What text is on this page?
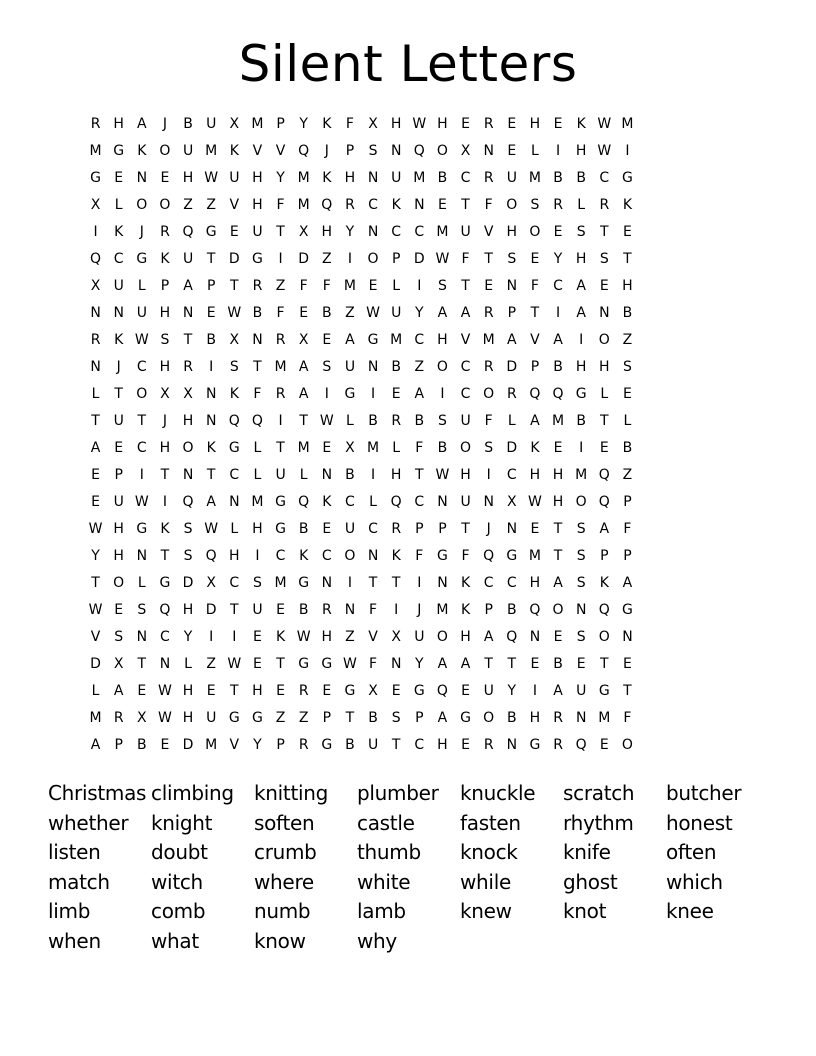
Silent Letters
R H A	J	B U X M P	Y	K	F	X H W H E R E H E	K W M
M G K O U M K V V Q	J	P	S N Q O X N E	L	I	H W	I
G E N E H W U H Y M K H N U M B C R U M B B C G
X	L O O Z Z V H F M Q R C K N E	T	F O S R	L	R K
I	K	J	R Q G E U T	X H Y N C C M U V H O E	S	T	E
Q C G K U T D G	I	D Z	I	O P D W F	T	S	E	Y H S	T
X U	L	P	A	P	T R Z	F	F M E	L	I	S	T	E N F	C A E H
N N U H N E W B	F	E B Z W U Y	A A R	P	T	I	A N B
R K W S	T	B X N R X E A G M C H V M A V A	I	O Z
N	J	C H R	I	S	T M A S U N B Z O C R D P	B H H S
L	T O X X N K	F	R A	I	G	I	E A	I	C O R Q Q G L	E
T U T	J	H N Q Q	I	T W L	B R B S U F	L	A M B	T	L
A E C H O K G L	T M E X M L	F	B O S D K	E	I	E B
E	P	I	T N T C	L	U	L N B	I	H T W H	I	C H H M Q Z
E U W	I	Q A N M G Q K C	L Q C N U N X W H O Q P
W H G K	S W L H G B E U C R	P	P	T	J	N E	T	S A	F
Y H N T	S Q H	I	C K C O N K	F G F Q G M T	S	P	P
T O L G D X C S M G N	I	T	T	I	N K C C H A S	K A
W E	S Q H D T U E B R N F	I	J	M K	P	B Q O N Q G
V S N C Y	I	I	E	K W H Z V X U O H A Q N E	S O N
D X	T N L	Z W E	T G G W F N Y	A A	T	T	E B E	T	E
L	A E W H E	T H E R E G X E G Q E U Y	I	A U G T
M R X W H U G G Z Z	P	T	B S	P	A G O B H R N M F
A	P	B E D M V	Y	P	R G B U T C H E R N G R Q E O
Christmas climbing	knitting	plumber	knuckle	scratch	butcher
whether	knight	soften	castle	fasten	rhythm	honest
listen	doubt	crumb	thumb	knock	knife	often
match	witch	where	white	while	ghost	which
limb	comb	numb	lamb	knew	knot	knee
when	what	know	why
